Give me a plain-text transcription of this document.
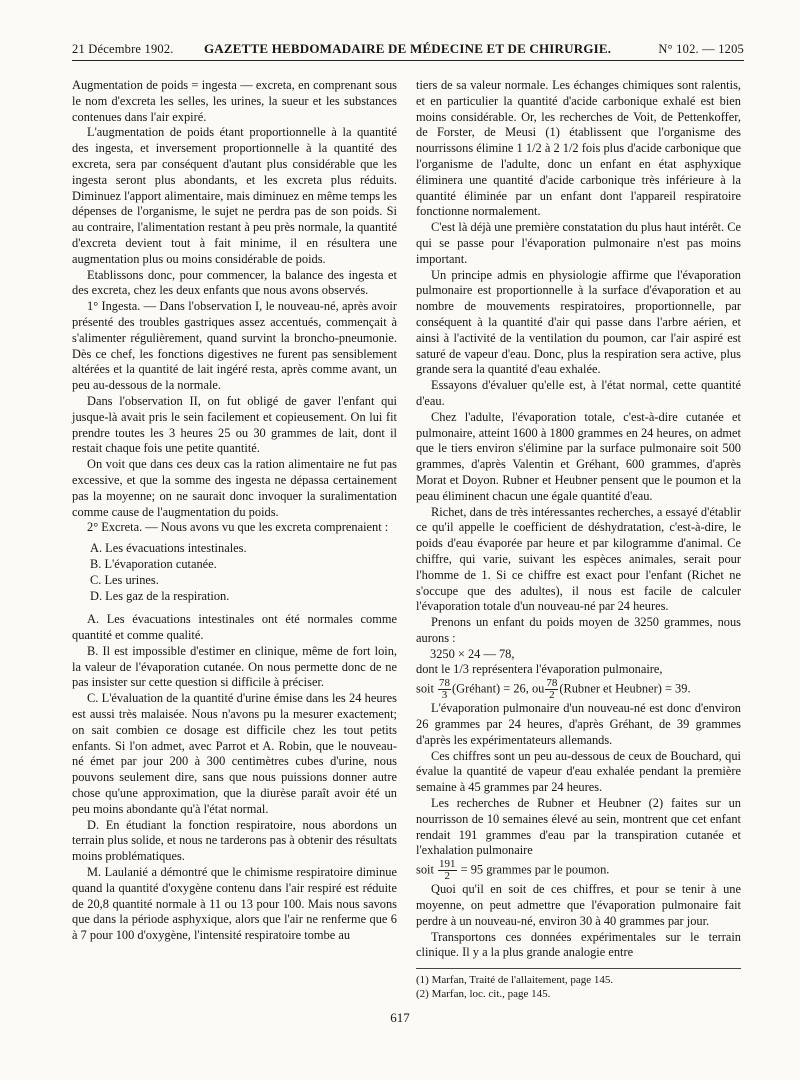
21 Décembre 1902. GAZETTE HEBDOMADAIRE DE MÉDECINE ET DE CHIRURGIE.	N° 102. — 1205

Augmentation de poids = ingesta — excreta, en comprenant sous le nom d'excreta les selles, les urines, la sueur et les substances contenues dans l'air expiré.

L'augmentation de poids étant proportionnelle à la quantité des ingesta, et inversement proportionnelle à la quantité des excreta, sera par conséquent d'autant plus considérable que les ingesta seront plus abondants, et les excreta plus réduits. Diminuez l'apport alimentaire, mais diminuez en même temps les dépenses de l'organisme, le sujet ne perdra pas de son poids. Si au contraire, l'alimentation restant à peu près normale, la quantité d'excreta devient tout à fait minime, il en résultera une augmentation plus ou moins considérable de poids.

Etablissons donc, pour commencer, la balance des ingesta et des excreta, chez les deux enfants que nous avons observés.

1° Ingesta. — Dans l'observation I, le nouveau-né, après avoir présenté des troubles gastriques assez accentués, commençait à s'alimenter régulièrement, quand survint la broncho-pneumonie. Dès ce chef, les fonctions digestives ne furent pas sensiblement altérées et la quantité de lait ingéré resta, après comme avant, un peu au-dessous de la normale.

Dans l'observation II, on fut obligé de gaver l'enfant qui jusque-là avait pris le sein facilement et copieusement. On lui fit prendre toutes les 3 heures 25 ou 30 grammes de lait, dont il restait chaque fois une petite quantité.

On voit que dans ces deux cas la ration alimentaire ne fut pas excessive, et que la somme des ingesta ne dépassa certainement pas la moyenne; on ne saurait donc invoquer la suralimentation comme cause de l'augmentation du poids.

2° Excreta. — Nous avons vu que les excreta comprenaient :

A. Les évacuations intestinales.
B. L'évaporation cutanée.
C. Les urines.
D. Les gaz de la respiration.

A. Les évacuations intestinales ont été normales comme quantité et comme qualité.

B. Il est impossible d'estimer en clinique, même de fort loin, la valeur de l'évaporation cutanée. On nous permette donc de ne pas insister sur cette question si difficile à préciser.

C. L'évaluation de la quantité d'urine émise dans les 24 heures est aussi très malaisée. Nous n'avons pu la mesurer exactement; on sait combien ce dosage est difficile chez les tout petits enfants. Si l'on admet, avec Parrot et A. Robin, que le nouveau-né émet par jour 200 à 300 centimètres cubes d'urine, nous pouvons seulement dire, sans que nous puissions donner autre chose qu'une approximation, que la diurèse paraît avoir été un peu moins abondante qu'à l'état normal.

D. En étudiant la fonction respiratoire, nous abordons un terrain plus solide, et nous ne tarderons pas à obtenir des résultats moins problématiques.

M. Laulanié a démontré que le chimisme respiratoire diminue quand la quantité d'oxygène contenu dans l'air respiré est réduite de 20,8 quantité normale à 11 ou 13 pour 100. Mais nous savons que dans la période asphyxique, alors que l'air ne renferme que 6 à 7 pour 100 d'oxygène, l'intensité respiratoire tombe au

tiers de sa valeur normale. Les échanges chimiques sont ralentis, et en particulier la quantité d'acide carbonique exhalé est bien moins considérable. Or, les recherches de Voit, de Pettenkoffer, de Forster, de Meusi (1) établissent que l'organisme des nourrissons élimine 1 1/2 à 2 1/2 fois plus d'acide carbonique que l'organisme de l'adulte, donc un enfant en état asphyxique éliminera une quantité d'acide carbonique très inférieure à la quantité éliminée par un enfant dont l'appareil respiratoire fonctionne normalement.

C'est là déjà une première constatation du plus haut intérêt. Ce qui se passe pour l'évaporation pulmonaire n'est pas moins important.

Un principe admis en physiologie affirme que l'évaporation pulmonaire est proportionnelle à la surface d'évaporation et au nombre de mouvements respiratoires, proportionnelle, par conséquent à la quantité d'air qui passe dans l'arbre aérien, et ainsi à l'activité de la ventilation du poumon, car l'air aspiré est saturé de vapeur d'eau. Donc, plus la respiration sera active, plus grande sera la quantité d'eau exhalée.

Essayons d'évaluer qu'elle est, à l'état normal, cette quantité d'eau.

Chez l'adulte, l'évaporation totale, c'est-à-dire cutanée et pulmonaire, atteint 1600 à 1800 grammes en 24 heures, on admet que le tiers environ s'élimine par la surface pulmonaire soit 500 grammes, d'après Valentin et Gréhant, 600 grammes, d'après Morat et Doyon. Rubner et Heubner pensent que le poumon et la peau éliminent chacun une égale quantité d'eau.

Richet, dans de très intéressantes recherches, a essayé d'établir ce qu'il appelle le coefficient de déshydratation, c'est-à-dire, le poids d'eau évaporée par heure et par kilogramme d'animal. Ce chiffre, qui varie, suivant les espèces animales, serait pour l'homme de 1. Si ce chiffre est exact pour l'enfant (Richet ne s'occupe que des adultes), il nous est facile de calculer l'évaporation totale d'un nouveau-né par 24 heures.

Prenons un enfant du poids moyen de 3250 grammes, nous aurons :

3250 × 24 — 78,

dont le 1/3 représentera l'évaporation pulmonaire,

soit $\frac{78}{3}$ (Gréhant) = 26, ou $\frac{78}{2}$ (Rubner et Heubner) = 39.

L'évaporation pulmonaire d'un nouveau-né est donc d'environ 26 grammes par 24 heures, d'après Gréhant, de 39 grammes d'après les expérimentateurs allemands.

Ces chiffres sont un peu au-dessous de ceux de Bouchard, qui évalue la quantité de vapeur d'eau exhalée pendant la première semaine à 45 grammes par 24 heures.

Les recherches de Rubner et Heubner (2) faites sur un nourrisson de 10 semaines élevé au sein, montrent que cet enfant rendait 191 grammes d'eau par la transpiration cutanée et l'exhalation pulmonaire

soit $\frac{191}{2} = 95$ grammes par le poumon.

Quoi qu'il en soit de ces chiffres, et pour se tenir à une moyenne, on peut admettre que l'évaporation pulmonaire fait perdre à un nouveau-né, environ 30 à 40 grammes par jour.

Transportons ces données expérimentales sur le terrain clinique. Il y a la plus grande analogie entre

(1) Marfan, Traité de l'allaitement, page 145.
(2) Marfan, loc. cit., page 145.
617
